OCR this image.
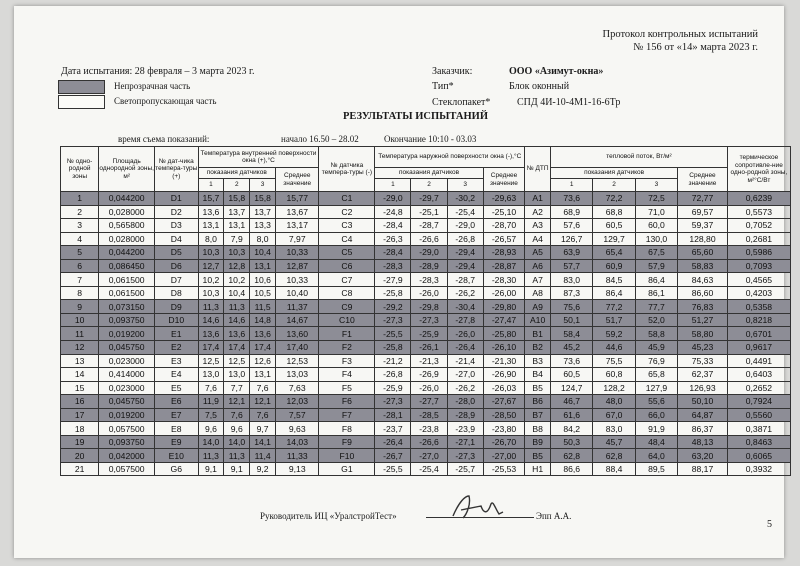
Протокол контрольных испытаний
№ 156 от «14» марта 2023 г.
Дата испытания: 28 февраля – 3 марта 2023 г.
Непрозрачная часть
Светопропускающая часть
Заказчик:	ООО «Азимут-окна»
Тип*	Блок оконный
Стеклопакет*	СПД 4И-10-4М1-16-6Тр
РЕЗУЛЬТАТЫ ИСПЫТАНИЙ
время съема показаний:	начало 16.50 – 28.02	Окончание 10:10 - 03.03
№ одно-родной зоны	Площадь однородной зоны, м²	№ дат-чика темпера-туры (+)	Температура внутренней поверхности окна (+),°С				№ датчика темпера-туры (-)	Температура наружной поверхности окна (-),°С				№ ДТП	тепловой поток, Вт/м²				термическое сопротивле-ние одно-родной зоны, м²°С/Вт
			показания датчиков			Среднее значение		показания датчиков			Среднее значение		показания датчиков			Среднее значение	
			1	2	3			1	2	3			1	2	3		
1	0,044200	D1	15,7	15,8	15,8	15,77	C1	-29,0	-29,7	-30,2	-29,63	A1	73,6	72,2	72,5	72,77	0,6239
2	0,028000	D2	13,6	13,7	13,7	13,67	C2	-24,8	-25,1	-25,4	-25,10	A2	68,9	68,8	71,0	69,57	0,5573
3	0,565800	D3	13,1	13,1	13,3	13,17	C3	-28,4	-28,7	-29,0	-28,70	A3	57,6	60,5	60,0	59,37	0,7052
4	0,028000	D4	8,0	7,9	8,0	7,97	C4	-26,3	-26,6	-26,8	-26,57	A4	126,7	129,7	130,0	128,80	0,2681
5	0,044200	D5	10,3	10,3	10,4	10,33	C5	-28,4	-29,0	-29,4	-28,93	A5	63,9	65,4	67,5	65,60	0,5986
6	0,086450	D6	12,7	12,8	13,1	12,87	C6	-28,3	-28,9	-29,4	-28,87	A6	57,7	60,9	57,9	58,83	0,7093
7	0,061500	D7	10,2	10,2	10,6	10,33	C7	-27,9	-28,3	-28,7	-28,30	A7	83,0	84,5	86,4	84,63	0,4565
8	0,061500	D8	10,3	10,4	10,5	10,40	C8	-25,8	-26,0	-26,2	-26,00	A8	87,3	86,4	86,1	86,60	0,4203
9	0,073150	D9	11,3	11,3	11,5	11,37	C9	-29,2	-29,8	-30,4	-29,80	A9	75,6	77,2	77,7	76,83	0,5358
10	0,093750	D10	14,6	14,6	14,8	14,67	C10	-27,3	-27,3	-27,8	-27,47	A10	50,1	51,7	52,0	51,27	0,8218
11	0,019200	E1	13,6	13,6	13,6	13,60	F1	-25,5	-25,9	-26,0	-25,80	B1	58,4	59,2	58,8	58,80	0,6701
12	0,045750	E2	17,4	17,4	17,4	17,40	F2	-25,8	-26,1	-26,4	-26,10	B2	45,2	44,6	45,9	45,23	0,9617
13	0,023000	E3	12,5	12,5	12,6	12,53	F3	-21,2	-21,3	-21,4	-21,30	B3	73,6	75,5	76,9	75,33	0,4491
14	0,414000	E4	13,0	13,0	13,1	13,03	F4	-26,8	-26,9	-27,0	-26,90	B4	60,5	60,8	65,8	62,37	0,6403
15	0,023000	E5	7,6	7,7	7,6	7,63	F5	-25,9	-26,0	-26,2	-26,03	B5	124,7	128,2	127,9	126,93	0,2652
16	0,045750	E6	11,9	12,1	12,1	12,03	F6	-27,3	-27,7	-28,0	-27,67	B6	46,7	48,0	55,6	50,10	0,7924
17	0,019200	E7	7,5	7,6	7,6	7,57	F7	-28,1	-28,5	-28,9	-28,50	B7	61,6	67,0	66,0	64,87	0,5560
18	0,057500	E8	9,6	9,6	9,7	9,63	F8	-23,7	-23,8	-23,9	-23,80	B8	84,2	83,0	91,9	86,37	0,3871
19	0,093750	E9	14,0	14,0	14,1	14,03	F9	-26,4	-26,6	-27,1	-26,70	B9	50,3	45,7	48,4	48,13	0,8463
20	0,042000	E10	11,3	11,3	11,4	11,33	F10	-26,7	-27,0	-27,3	-27,00	B5	62,8	62,8	64,0	63,20	0,6065
21	0,057500	G6	9,1	9,1	9,2	9,13	G1	-25,5	-25,4	-25,7	-25,53	H1	86,6	88,4	89,5	88,17	0,3932
Руководитель ИЦ «УралстройТест»	Эпп А.А.
5
